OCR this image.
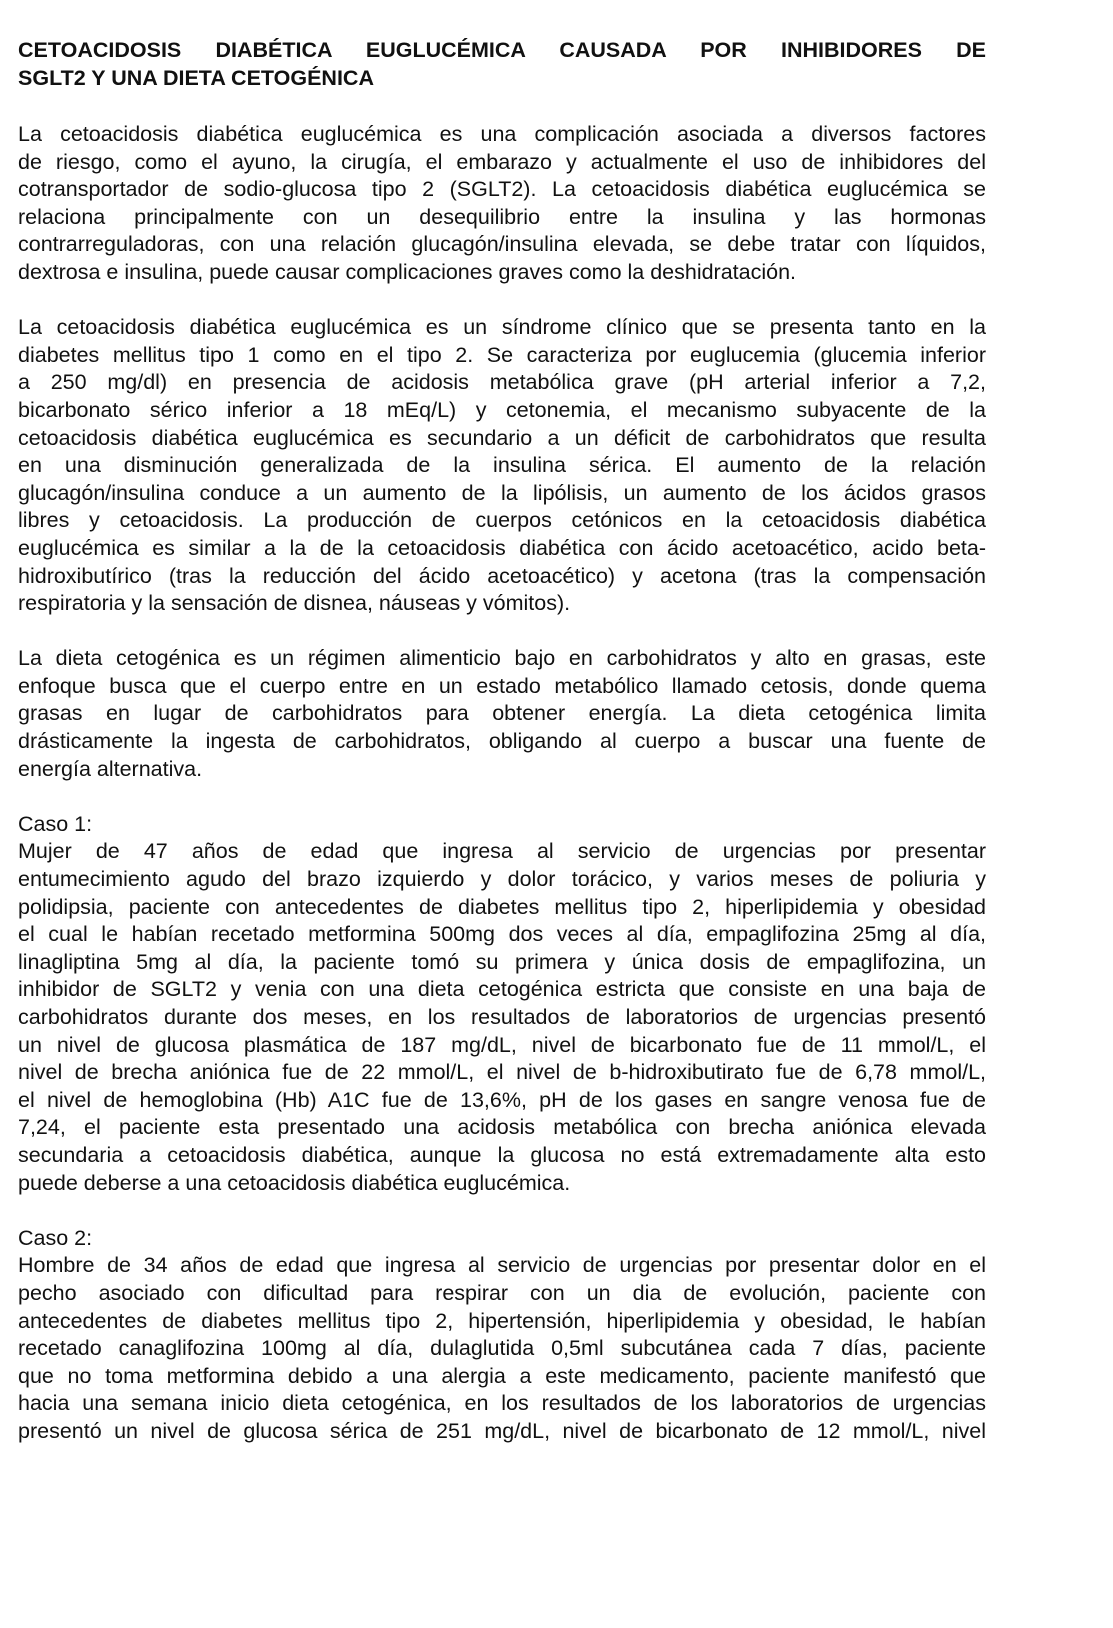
CETOACIDOSIS DIABÉTICA EUGLUCÉMICA CAUSADA POR INHIBIDORES DE
SGLT2 Y UNA DIETA CETOGÉNICA

La cetoacidosis diabética euglucémica es una complicación asociada a diversos factores
de riesgo, como el ayuno, la cirugía, el embarazo y actualmente el uso de inhibidores del
cotransportador de sodio-glucosa tipo 2 (SGLT2). La cetoacidosis diabética euglucémica se
relaciona principalmente con un desequilibrio entre la insulina y las hormonas
contrarreguladoras, con una relación glucagón/insulina elevada, se debe tratar con líquidos,
dextrosa e insulina, puede causar complicaciones graves como la deshidratación.

La cetoacidosis diabética euglucémica es un síndrome clínico que se presenta tanto en la
diabetes mellitus tipo 1 como en el tipo 2. Se caracteriza por euglucemia (glucemia inferior
a 250 mg/dl) en presencia de acidosis metabólica grave (pH arterial inferior a 7,2,
bicarbonato sérico inferior a 18 mEq/L) y cetonemia, el mecanismo subyacente de la
cetoacidosis diabética euglucémica es secundario a un déficit de carbohidratos que resulta
en una disminución generalizada de la insulina sérica. El aumento de la relación
glucagón/insulina conduce a un aumento de la lipólisis, un aumento de los ácidos grasos
libres y cetoacidosis. La producción de cuerpos cetónicos en la cetoacidosis diabética
euglucémica es similar a la de la cetoacidosis diabética con ácido acetoacético, acido beta-
hidroxibutírico (tras la reducción del ácido acetoacético) y acetona (tras la compensación
respiratoria y la sensación de disnea, náuseas y vómitos).

La dieta cetogénica es un régimen alimenticio bajo en carbohidratos y alto en grasas, este
enfoque busca que el cuerpo entre en un estado metabólico llamado cetosis, donde quema
grasas en lugar de carbohidratos para obtener energía. La dieta cetogénica limita
drásticamente la ingesta de carbohidratos, obligando al cuerpo a buscar una fuente de
energía alternativa.

Caso 1:
Mujer de 47 años de edad que ingresa al servicio de urgencias por presentar
entumecimiento agudo del brazo izquierdo y dolor torácico, y varios meses de poliuria y
polidipsia, paciente con antecedentes de diabetes mellitus tipo 2, hiperlipidemia y obesidad
el cual le habían recetado metformina 500mg dos veces al día, empaglifozina 25mg al día,
linagliptina 5mg al día, la paciente tomó su primera y única dosis de empaglifozina, un
inhibidor de SGLT2 y venia con una dieta cetogénica estricta que consiste en una baja de
carbohidratos durante dos meses, en los resultados de laboratorios de urgencias presentó
un nivel de glucosa plasmática de 187 mg/dL, nivel de bicarbonato fue de 11 mmol/L, el
nivel de brecha aniónica fue de 22 mmol/L, el nivel de b-hidroxibutirato fue de 6,78 mmol/L,
el nivel de hemoglobina (Hb) A1C fue de 13,6%, pH de los gases en sangre venosa fue de
7,24, el paciente esta presentado una acidosis metabólica con brecha aniónica elevada
secundaria a cetoacidosis diabética, aunque la glucosa no está extremadamente alta esto
puede deberse a una cetoacidosis diabética euglucémica.
Caso 2:
Hombre de 34 años de edad que ingresa al servicio de urgencias por presentar dolor en el
pecho asociado con dificultad para respirar con un dia de evolución, paciente con
antecedentes de diabetes mellitus tipo 2, hipertensión, hiperlipidemia y obesidad, le habían
recetado canaglifozina 100mg al día, dulaglutida 0,5ml subcutánea cada 7 días, paciente
que no toma metformina debido a una alergia a este medicamento, paciente manifestó que
hacia una semana inicio dieta cetogénica, en los resultados de los laboratorios de urgencias
presentó un nivel de glucosa sérica de 251 mg/dL, nivel de bicarbonato de 12 mmol/L, nivel
